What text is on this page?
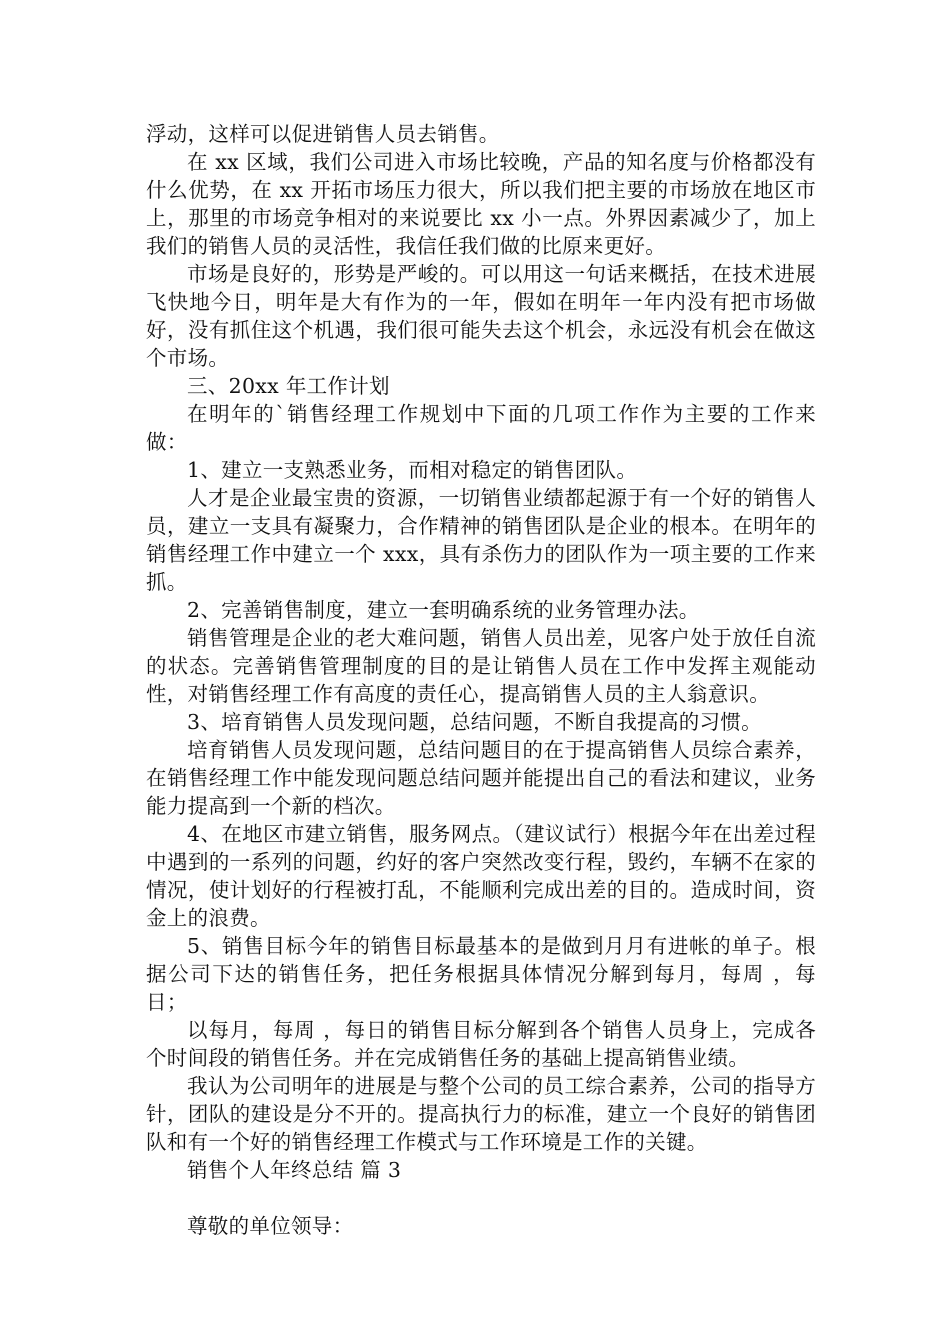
浮动，这样可以促进销售人员去销售。

在 xx 区域，我们公司进入市场比较晚，产品的知名度与价格都没有什么优势，在 xx 开拓市场压力很大，所以我们把主要的市场放在地区市上，那里的市场竞争相对的来说要比 xx 小一点。外界因素减少了，加上我们的销售人员的灵活性，我信任我们做的比原来更好。

市场是良好的，形势是严峻的。可以用这一句话来概括，在技术进展飞快地今日，明年是大有作为的一年，假如在明年一年内没有把市场做好，没有抓住这个机遇，我们很可能失去这个机会，永远没有机会在做这个市场。

三、20xx 年工作计划

在明年的`销售经理工作规划中下面的几项工作作为主要的工作来做：

1、建立一支熟悉业务，而相对稳定的销售团队。

人才是企业最宝贵的资源，一切销售业绩都起源于有一个好的销售人员，建立一支具有凝聚力，合作精神的销售团队是企业的根本。在明年的销售经理工作中建立一个 xxx，具有杀伤力的团队作为一项主要的工作来抓。

2、完善销售制度，建立一套明确系统的业务管理办法。

销售管理是企业的老大难问题，销售人员出差，见客户处于放任自流的状态。完善销售管理制度的目的是让销售人员在工作中发挥主观能动性，对销售经理工作有高度的责任心，提高销售人员的主人翁意识。

3、培育销售人员发现问题，总结问题，不断自我提高的习惯。

培育销售人员发现问题，总结问题目的在于提高销售人员综合素养，在销售经理工作中能发现问题总结问题并能提出自己的看法和建议，业务能力提高到一个新的档次。

4、在地区市建立销售，服务网点。（建议试行）根据今年在出差过程中遇到的一系列的问题，约好的客户突然改变行程，毁约，车辆不在家的情况，使计划好的行程被打乱，不能顺利完成出差的目的。造成时间，资金上的浪费。

5、销售目标今年的销售目标最基本的是做到月月有进帐的单子。根据公司下达的销售任务，把任务根据具体情况分解到每月，每周 ，每日；

以每月，每周 ，每日的销售目标分解到各个销售人员身上，完成各个时间段的销售任务。并在完成销售任务的基础上提高销售业绩。

我认为公司明年的进展是与整个公司的员工综合素养，公司的指导方针，团队的建设是分不开的。提高执行力的标准，建立一个良好的销售团队和有一个好的销售经理工作模式与工作环境是工作的关键。

销售个人年终总结 篇 3

尊敬的单位领导：
